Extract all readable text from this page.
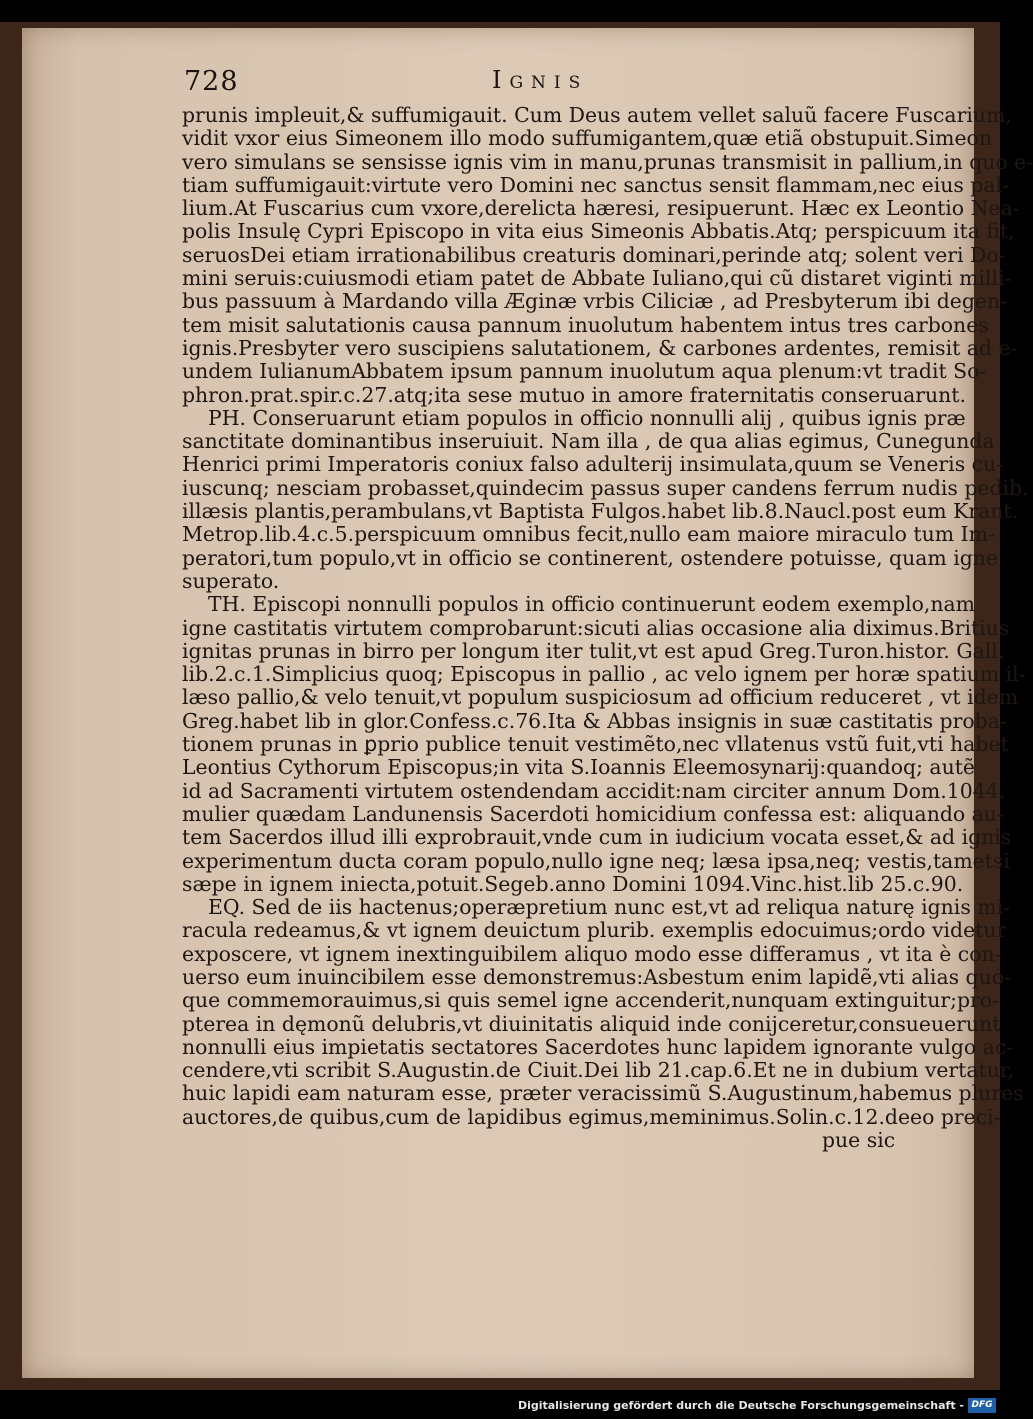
728	Ignis
prunis impleuit,& suffumigauit. Cum Deus autem vellet saluũ facere Fuscarium,
vidit vxor eius Simeonem illo modo suffumigantem,quæ etiã obstupuit.Simeon
vero simulans se sensisse ignis vim in manu,prunas transmisit in pallium,in quo e-
tiam suffumigauit:virtute vero Domini nec sanctus sensit flammam,nec eius pal-
lium.At Fuscarius cum vxore,derelicta hæresi, resipuerunt. Hæc ex Leontio Nea-
polis Insulę Cypri Episcopo in vita eius Simeonis Abbatis.Atq; perspicuum ita fit,
seruosDei etiam irrationabilibus creaturis dominari,perinde atq; solent veri Do-
mini seruis:cuiusmodi etiam patet de Abbate Iuliano,qui cũ distaret viginti milli-
bus passuum à Mardando villa Æginæ vrbis Ciliciæ , ad Presbyterum ibi degen-
tem misit salutationis causa pannum inuolutum habentem intus tres carbones
ignis.Presbyter vero suscipiens salutationem, & carbones ardentes, remisit ad e-
undem IulianumAbbatem ipsum pannum inuolutum aqua plenum:vt tradit So-
phron.prat.spir.c.27.atq;ita sese mutuo in amore fraternitatis conseruarunt.
PH. Conseruarunt etiam populos in officio nonnulli alij , quibus ignis præ
sanctitate dominantibus inseruiuit. Nam illa , de qua alias egimus, Cunegunda
Henrici primi Imperatoris coniux falso adulterij insimulata,quum se Veneris cu-
iuscunq; nesciam probasset,quindecim passus super candens ferrum nudis pedib.
illæsis plantis,perambulans,vt Baptista Fulgos.habet lib.8.Naucl.post eum Krant.
Metrop.lib.4.c.5.perspicuum omnibus fecit,nullo eam maiore miraculo tum Im-
peratori,tum populo,vt in officio se continerent, ostendere potuisse, quam igne
superato.
TH. Episcopi nonnulli populos in officio continuerunt eodem exemplo,nam
igne castitatis virtutem comprobarunt:sicuti alias occasione alia diximus.Britius
ignitas prunas in birro per longum iter tulit,vt est apud Greg.Turon.histor. Gall.
lib.2.c.1.Simplicius quoq; Episcopus in pallio , ac velo ignem per horæ spatium il-
læso pallio,& velo tenuit,vt populum suspiciosum ad officium reduceret , vt idem
Greg.habet lib in glor.Confess.c.76.Ita & Abbas insignis in suæ castitatis proba-
tionem prunas in ꝑprio publice tenuit vestimẽto,nec vllatenus vstũ fuit,vti habet
Leontius Cythorum Episcopus;in vita S.Ioannis Eleemosynarij:quandoq; autẽ
id ad Sacramenti virtutem ostendendam accidit:nam circiter annum Dom.1044.
mulier quædam Landunensis Sacerdoti homicidium confessa est: aliquando au-
tem Sacerdos illud illi exprobrauit,vnde cum in iudicium vocata esset,& ad ignis
experimentum ducta coram populo,nullo igne neq; læsa ipsa,neq; vestis,tametsi
sæpe in ignem iniecta,potuit.Segeb.anno Domini 1094.Vinc.hist.lib 25.c.90.
EQ. Sed de iis hactenus;operæpretium nunc est,vt ad reliqua naturę ignis mi-
racula redeamus,& vt ignem deuictum plurib. exemplis edocuimus;ordo videtur
exposcere, vt ignem inextinguibilem aliquo modo esse differamus , vt ita è con-
uerso eum inuincibilem esse demonstremus:Asbestum enim lapidẽ,vti alias quo-
que commemorauimus,si quis semel igne accenderit,nunquam extinguitur;pro-
pterea in dęmonũ delubris,vt diuinitatis aliquid inde conijceretur,consueuerunt
nonnulli eius impietatis sectatores Sacerdotes hunc lapidem ignorante vulgo ac-
cendere,vti scribit S.Augustin.de Ciuit.Dei lib 21.cap.6.Et ne in dubium vertatur,
huic lapidi eam naturam esse, præter veracissimũ S.Augustinum,habemus plures
auctores,de quibus,cum de lapidibus egimus,meminimus.Solin.c.12.deeo preci-
pue sic
Digitalisierung gefördert durch die Deutsche Forschungsgemeinschaft - DFG
